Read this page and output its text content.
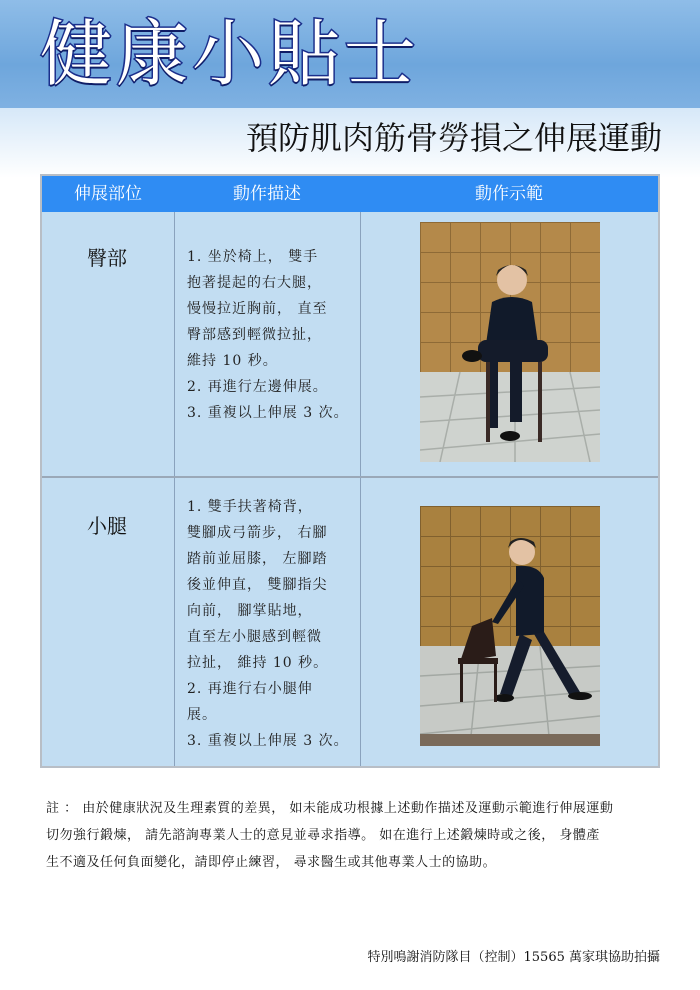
健康小貼士
預防肌肉筋骨勞損之伸展運動
伸展部位	動作描述	動作示範
臀部	1. 坐於椅上， 雙手
抱著提起的右大腿，
慢慢拉近胸前， 直至
臀部感到輕微拉扯，
維持 10 秒。
2. 再進行左邊伸展。
3. 重複以上伸展 3 次。
小腿
1. 雙手扶著椅背，
雙腳成弓箭步， 右腳
踏前並屈膝， 左腳踏
後並伸直， 雙腳指尖
向前， 腳掌貼地，
直至左小腿感到輕微
拉扯， 維持 10 秒。
2. 再進行右小腿伸
展。
3. 重複以上伸展 3 次。
註 ： 由於健康狀況及生理素質的差異， 如未能成功根據上述動作描述及運動示範進行伸展運動
切勿強行鍛煉， 請先諮詢專業人士的意見並尋求指導。 如在進行上述鍛煉時或之後， 身體產
生不適及任何負面變化，請即停止練習， 尋求醫生或其他專業人士的協助。
特別鳴謝消防隊目（控制）15565 萬家琪協助拍攝
